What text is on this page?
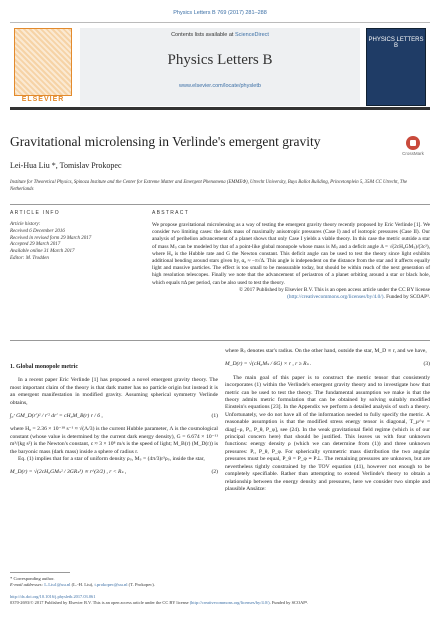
Physics Letters B 769 (2017) 281–288
ELSEVIER
Contents lists available at ScienceDirect
Physics Letters B
www.elsevier.com/locate/physletb
PHYSICS LETTERS B
Gravitational microlensing in Verlinde's emergent gravity
CrossMark
Lei-Hua Liu *, Tomislav Prokopec
Institute for Theoretical Physics, Spinoza Institute and the Center for Extreme Matter and Emergent Phenomena (EMMEΦ), Utrecht University, Buys Ballot Building, Princetonplein 5, 3584 CC Utrecht, The Netherlands
ARTICLE INFO
Article history:
Received 6 December 2016
Received in revised form 29 March 2017
Accepted 29 March 2017
Available online 31 March 2017
Editor: M. Trodden
ABSTRACT
We propose gravitational microlensing as a way of testing the emergent gravity theory recently proposed by Eric Verlinde [1]. We consider two limiting cases: the dark mass of maximally anisotropic pressures (Case I) and of isotropic pressures (Case II). Our analysis of perihelion advancement of a planet shows that only Case I yields a viable theory. In this case the metric outside a star of mass Mₛ can be modeled by that of a point-like global monopole whose mass is Mₛ and a deficit angle Δ = √(2cH₀GMₛ)/(3c²), where H₀ is the Hubble rate and G the Newton constant. This deficit angle can be used to test the theory since light exhibits additional bending around stars given by, α₀ ≈ −π√Δ. This angle is independent on the distance from the star and it affects equally light and massive particles. The effect is too small to be measurable today, but should be within reach of the next generation of high resolution telescopes. Finally we note that the advancement of periastron of a planet orbiting around a star or black hole, which equals πΔ per period, can be also used to test the theory.
© 2017 Published by Elsevier B.V. This is an open access article under the CC BY license (http://creativecommons.org/licenses/by/4.0/). Funded by SCOAP³.
1. Global monopole metric

In a recent paper Eric Verlinde [1] has proposed a novel emergent gravity theory. The most important claim of the theory is that dark matter has no particle origin but instead it is an emergent manifestation in modified gravity. Assuming spherical symmetry Verlinde obtains,

∫₀ʳ GM_D(r′)² / r′² dr′ = cH₀M_B(r) r / 6 ,	(1)

where H₀ = 2.36 × 10⁻¹⁸ s⁻¹ ≈ √(Λ/3) is the current Hubble parameter, Λ is the cosmological constant (whose value is determined by the current dark energy density), G = 6.674 × 10⁻¹¹ m³/(kg s²) is the Newton's constant, c ≈ 3 × 10⁸ m/s is the speed of light; M_B(r) (M_D(r)) is the baryonic mass (dark mass) inside a sphere of radius r.

Eq. (1) implies that for a star of uniform density ρₛ, Mₛ = (4π/3)r³ρₛ, inside the star,

M_D(r) = √(2cH₀GMₛ² / 3GRₛ³) ∝ r^(3/2) , r < Rₛ ,	(2)

where Rₛ denotes star's radius. On the other hand, outside the star, M_D ∝ r, and we have,

M_D(r) = √(cH₀Mₛ / 6G) × r , r ≥ Rₛ .	(3)

The main goal of this paper is to construct the metric tensor that consistently incorporates (1) within the Verlinde's emergent gravity theory and to investigate how that metric can be used to test the theory. The fundamental assumption we make is that the theory admits metric formulation that can be obtained by solving suitably modified Einstein's equations [23]. In the Appendix we perform a detailed analysis of such a theory. Unfortunately, we do not have all of the information needed to fully specify the metric. A reasonable assumption is that the modified stress energy tensor is diagonal, T_μ^ν = diag[−ρ, Pᵣ, P_θ, P_φ], see (24). In the weak gravitational field regime (which is of our principal concern here) that should be justified. This leaves us with four unknown functions: energy density ρ (which we can determine from (1)) and three unknown pressures: Pᵣ, P_θ, P_φ. For spherically symmetric mass distribution the two angular pressures must be equal, P_θ = P_φ ≡ P⊥. The remaining pressures are unknown, but are nevertheless tightly constrained by the TOV equation (41), however not enough to be completely specifiable. Rather than attempting to extend Verlinde's theory to obtain a relationship between the energy density and pressures, here we consider two simple and plausible Ansätze:

* Corresponding author.
E-mail addresses: L.Liu1@uu.nl (L.-H. Liu), t.prokopec@uu.nl (T. Prokopec).
http://dx.doi.org/10.1016/j.physletb.2017.03.061
0370-2693/© 2017 Published by Elsevier B.V. This is an open access article under the CC BY license (http://creativecommons.org/licenses/by/4.0/). Funded by SCOAP³.
